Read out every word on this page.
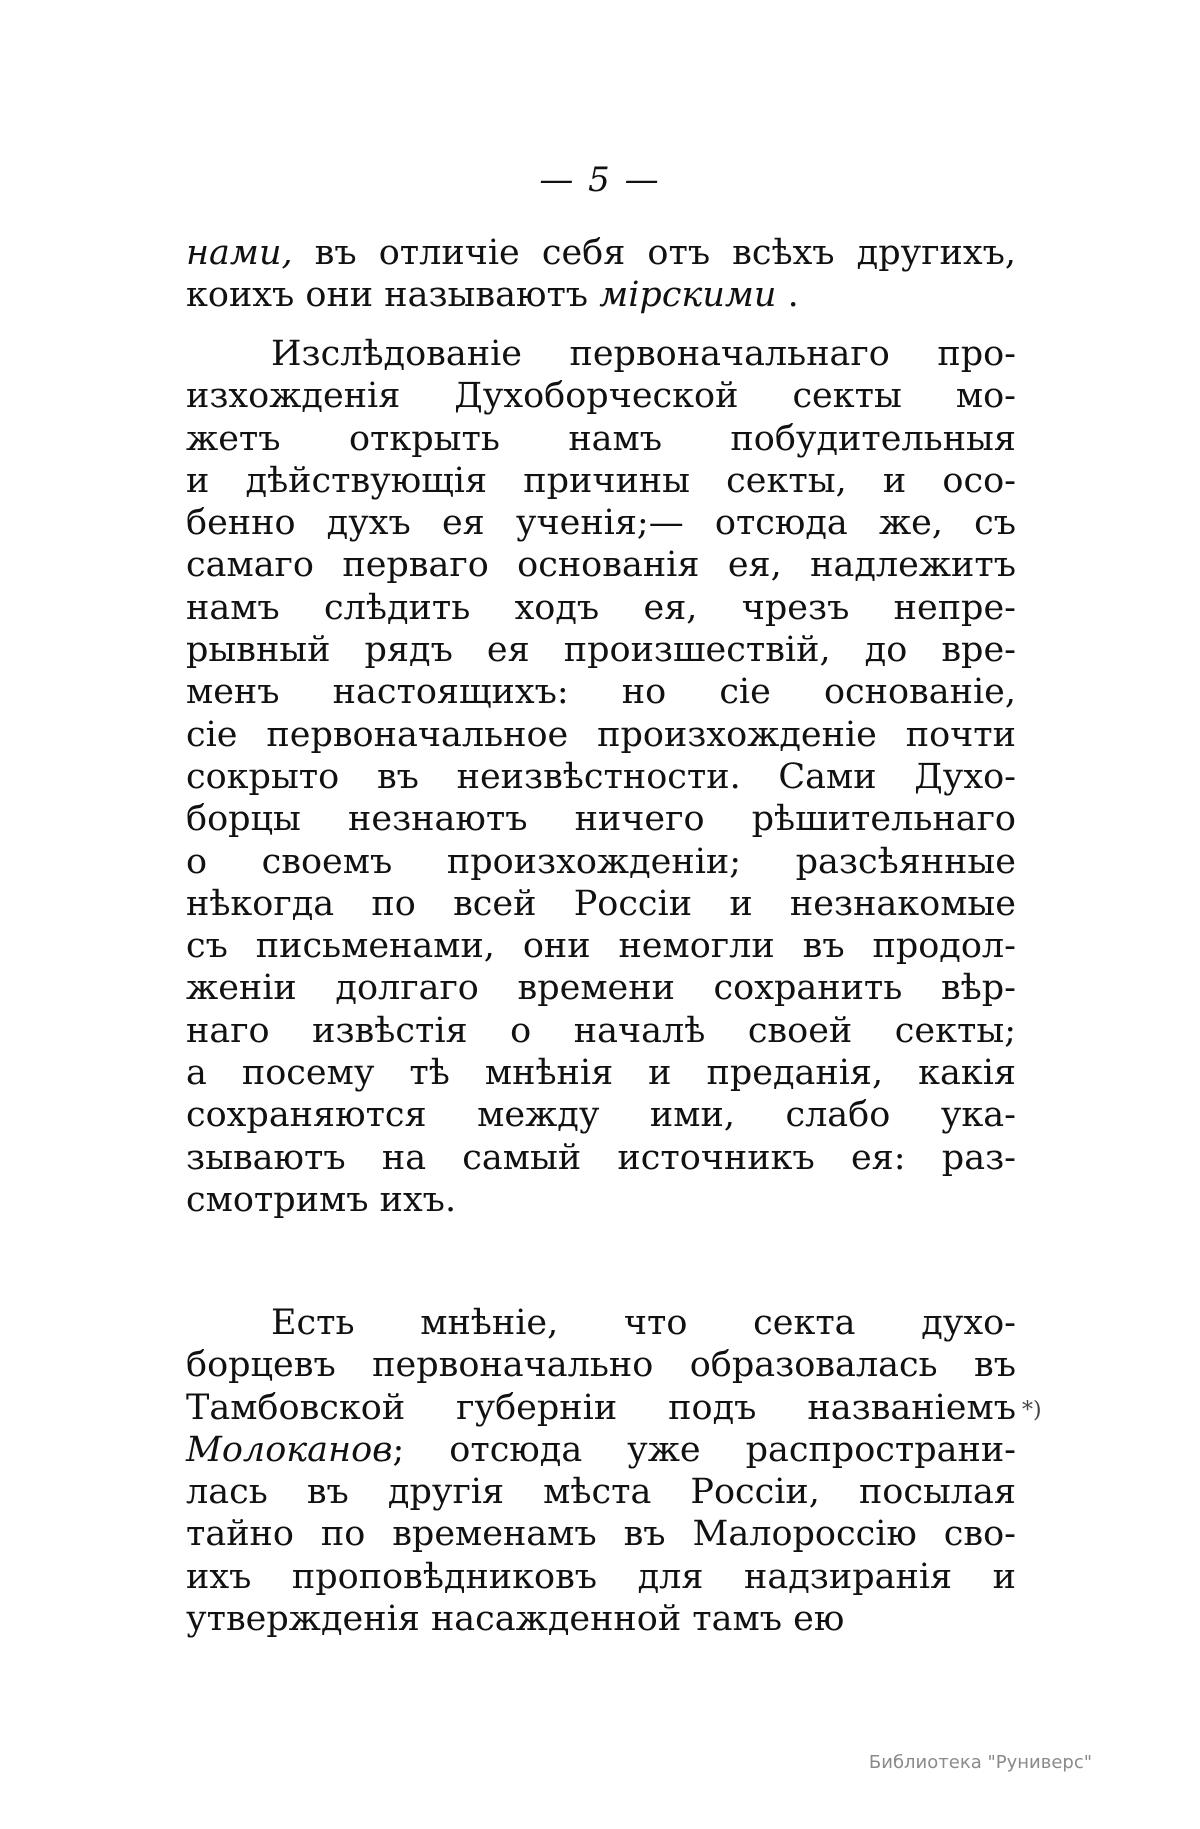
— 5 —
нами, въ отличіе себя отъ всѣхъ другихъ,
коихъ они называютъ мірскими .
Изслѣдованіе первоначальнаго про-
изхожденія Духоборческой секты мо-
жетъ открыть намъ побудительныя
и дѣйствующія причины секты, и осо-
бенно духъ ея ученія;— отсюда же, съ
самаго перваго основанія ея, надлежитъ
намъ слѣдить ходъ ея, чрезъ непре-
рывный рядъ ея произшествій, до вре-
менъ настоящихъ: но сіе основаніе,
сіе первоначальное произхожденіе почти
сокрыто въ неизвѣстности. Сами Духо-
борцы незнаютъ ничего рѣшительнаго
о своемъ произхожденіи; разсѣянные
нѣкогда по всей Россіи и незнакомые
съ письменами, они немогли въ продол-
женіи долгаго времени сохранить вѣр-
наго извѣстія о началѣ своей секты;
а посему тѣ мнѣнія и преданія, какія
сохраняются между ими, слабо ука-
зываютъ на самый источникъ ея: раз-
смотримъ ихъ.
Есть мнѣніе, что секта духо-
борцевъ первоначально образовалась въ
Тамбовской губерніи подъ названіемъ
Молоканов; отсюда уже распространи-
лась въ другія мѣста Россіи, посылая
тайно по временамъ въ Малороссію сво-
ихъ проповѣдниковъ для надзиранія и
утвержденія насажденной тамъ ею
*)
Библиотека "Руниверс"
